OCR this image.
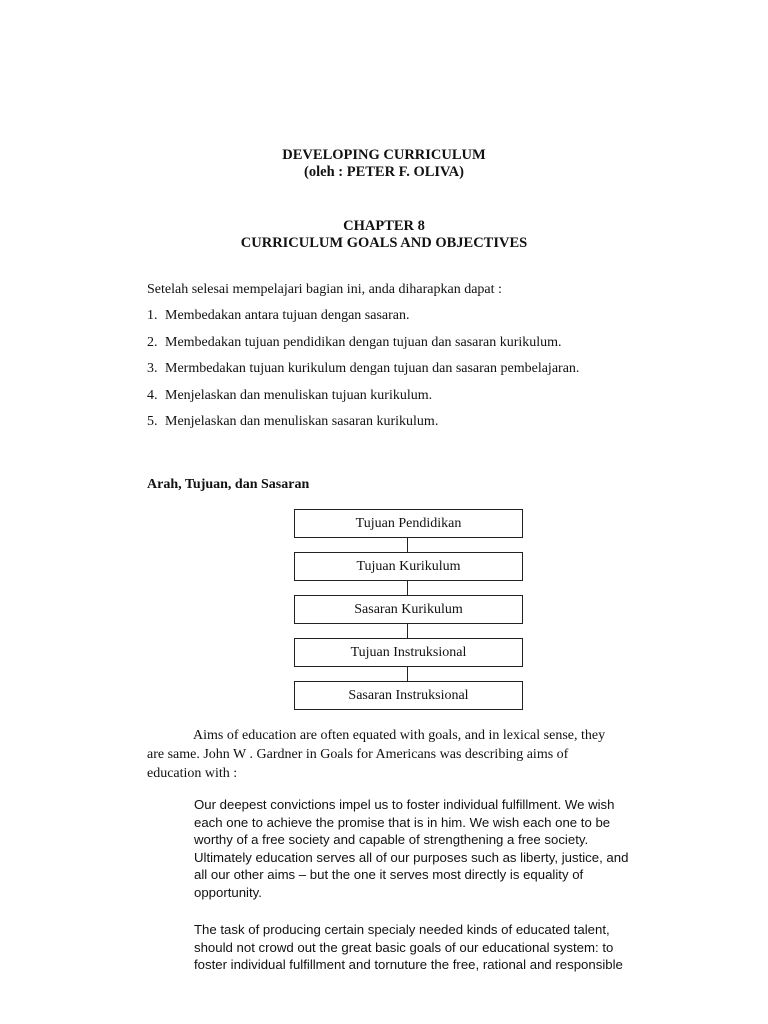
DEVELOPING CURRICULUM
(oleh : PETER F. OLIVA)
CHAPTER 8
CURRICULUM GOALS AND OBJECTIVES
Setelah selesai mempelajari bagian ini, anda diharapkan dapat :
1. Membedakan antara tujuan dengan sasaran.
2. Membedakan tujuan pendidikan dengan tujuan dan sasaran kurikulum.
3. Mermbedakan tujuan kurikulum dengan tujuan dan sasaran pembelajaran.
4. Menjelaskan dan menuliskan tujuan kurikulum.
5. Menjelaskan dan menuliskan sasaran kurikulum.
Arah, Tujuan, dan Sasaran
Tujuan Pendidikan
Tujuan Kurikulum
Sasaran Kurikulum
Tujuan Instruksional
Sasaran Instruksional

Aims of education are often equated with goals, and in lexical sense, they
are same. John W . Gardner in Goals for Americans was describing aims of
education with :

Our deepest convictions impel us to foster individual fulfillment. We wish
each one to achieve the promise that is in him. We wish each one to be
worthy of a free society and capable of strengthening a free society.
Ultimately education serves all of our purposes such as liberty, justice, and
all our other aims – but the one it serves most directly is equality of
opportunity.

The task of producing certain specialy needed kinds of educated talent,
should not crowd out the great basic goals of our educational system: to
foster individual fulfillment and tornuture the free, rational and responsible
